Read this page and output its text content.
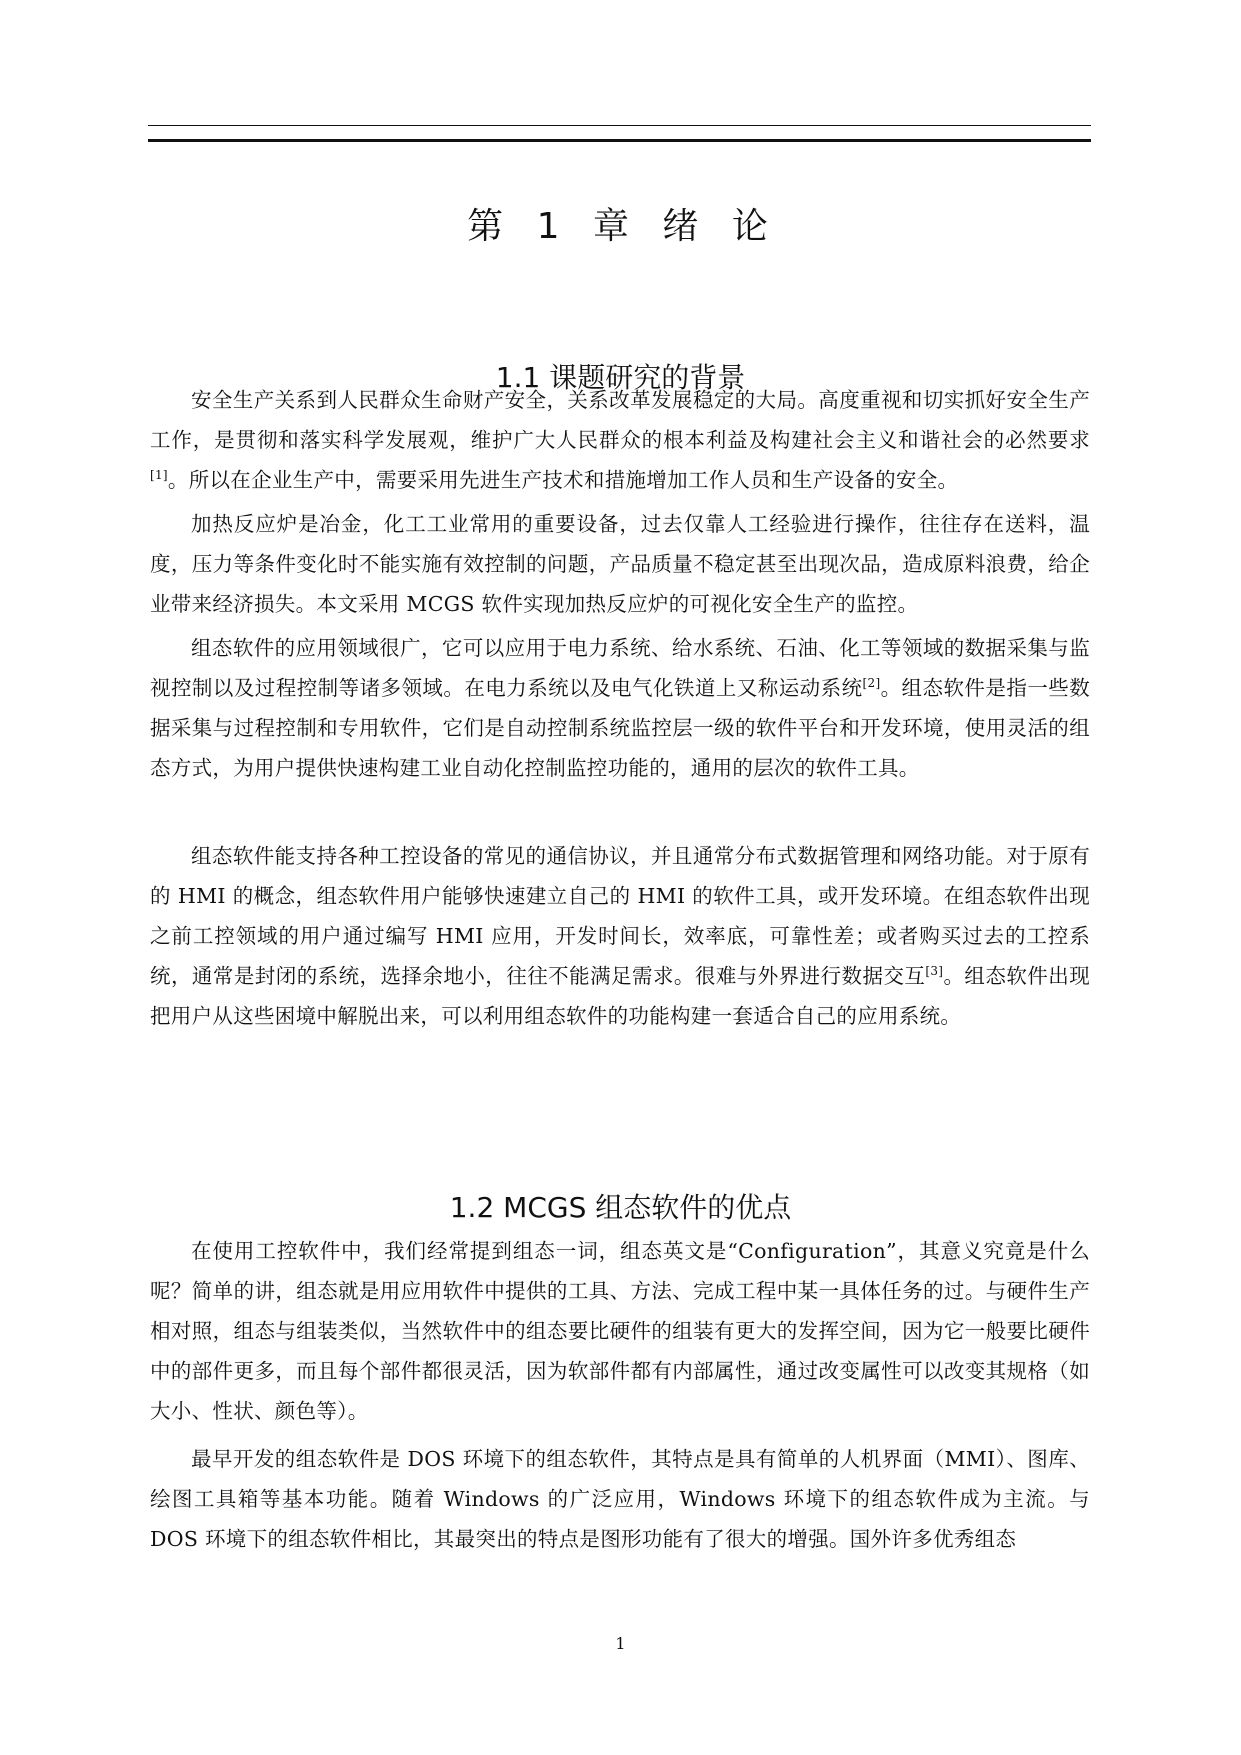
第 1 章 绪 论
1.1 课题研究的背景

安全生产关系到人民群众生命财产安全，关系改革发展稳定的大局。高度重视和切实抓好安全生产工作，是贯彻和落实科学发展观，维护广大人民群众的根本利益及构建社会主义和谐社会的必然要求[1]。所以在企业生产中，需要采用先进生产技术和措施增加工作人员和生产设备的安全。

加热反应炉是冶金，化工工业常用的重要设备，过去仅靠人工经验进行操作，往往存在送料，温度，压力等条件变化时不能实施有效控制的问题，产品质量不稳定甚至出现次品，造成原料浪费，给企业带来经济损失。本文采用 MCGS 软件实现加热反应炉的可视化安全生产的监控。

组态软件的应用领域很广，它可以应用于电力系统、给水系统、石油、化工等领域的数据采集与监视控制以及过程控制等诸多领域。在电力系统以及电气化铁道上又称运动系统[2]。组态软件是指一些数据采集与过程控制和专用软件，它们是自动控制系统监控层一级的软件平台和开发环境，使用灵活的组态方式，为用户提供快速构建工业自动化控制监控功能的，通用的层次的软件工具。

组态软件能支持各种工控设备的常见的通信协议，并且通常分布式数据管理和网络功能。对于原有的 HMI 的概念，组态软件用户能够快速建立自己的 HMI 的软件工具，或开发环境。在组态软件出现之前工控领域的用户通过编写 HMI 应用，开发时间长，效率底，可靠性差；或者购买过去的工控系统，通常是封闭的系统，选择余地小，往往不能满足需求。很难与外界进行数据交互[3]。组态软件出现把用户从这些困境中解脱出来，可以利用组态软件的功能构建一套适合自己的应用系统。

1.2 MCGS 组态软件的优点

在使用工控软件中，我们经常提到组态一词，组态英文是“Configuration”，其意义究竟是什么呢？简单的讲，组态就是用应用软件中提供的工具、方法、完成工程中某一具体任务的过。与硬件生产相对照，组态与组装类似，当然软件中的组态要比硬件的组装有更大的发挥空间，因为它一般要比硬件中的部件更多，而且每个部件都很灵活，因为软部件都有内部属性，通过改变属性可以改变其规格（如大小、性状、颜色等）。

最早开发的组态软件是 DOS 环境下的组态软件，其特点是具有简单的人机界面（MMI）、图库、绘图工具箱等基本功能。随着 Windows 的广泛应用，Windows 环境下的组态软件成为主流。与 DOS 环境下的组态软件相比，其最突出的特点是图形功能有了很大的增强。国外许多优秀组态

1
